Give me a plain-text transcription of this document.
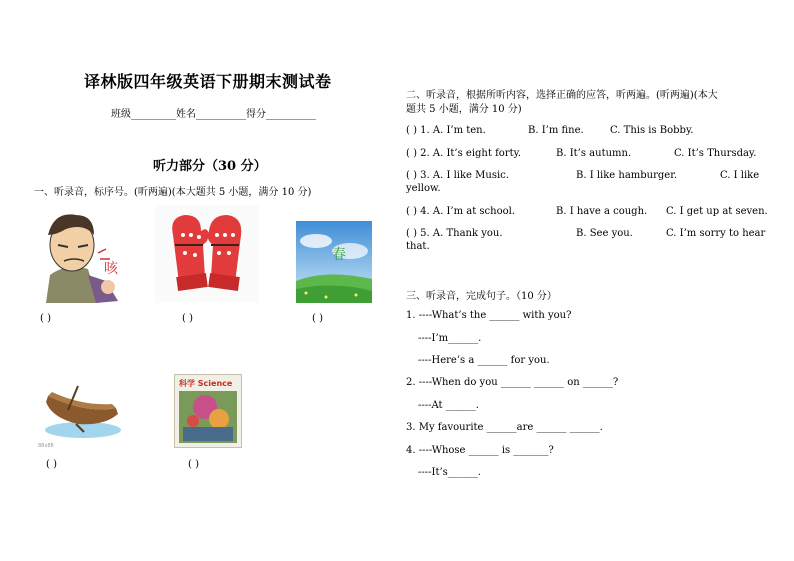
译林版四年级英语下册期末测试卷
班级_________姓名__________得分__________
听力部分（30 分）
一、听录音，标序号。(听两遍)(本大题共 5 小题，满分 10 分)
咳
春
( )	( )	( )
88x88
科学 Science
( )	( )
二、听录音，根据所听内容，选择正确的应答，听两遍。(听两遍)(本大
题共 5 小题，满分 10 分)
( ) 1. A. I’m ten.	B. I’m fine.	C. This is Bobby.
( ) 2. A. It’s eight forty.	B. It’s autumn.	C. It’s Thursday.
( ) 3. A. I like Music.	B. I like hamburger.	C. I like
yellow.
( ) 4. A. I’m at school.	B. I have a cough. C. I get up at seven.
( ) 5. A. Thank you.	B. See you.	C. I’m sorry to hear
that.
三、听录音，完成句子。（10 分）
1. ----What’s the ______ with you?
----I’m______.
----Here’s a ______ for you.
2. ----When do you ______ ______ on ______?
----At ______.
3. My favourite ______are ______ ______.
4. ----Whose ______ is _______?
----It’s______.
